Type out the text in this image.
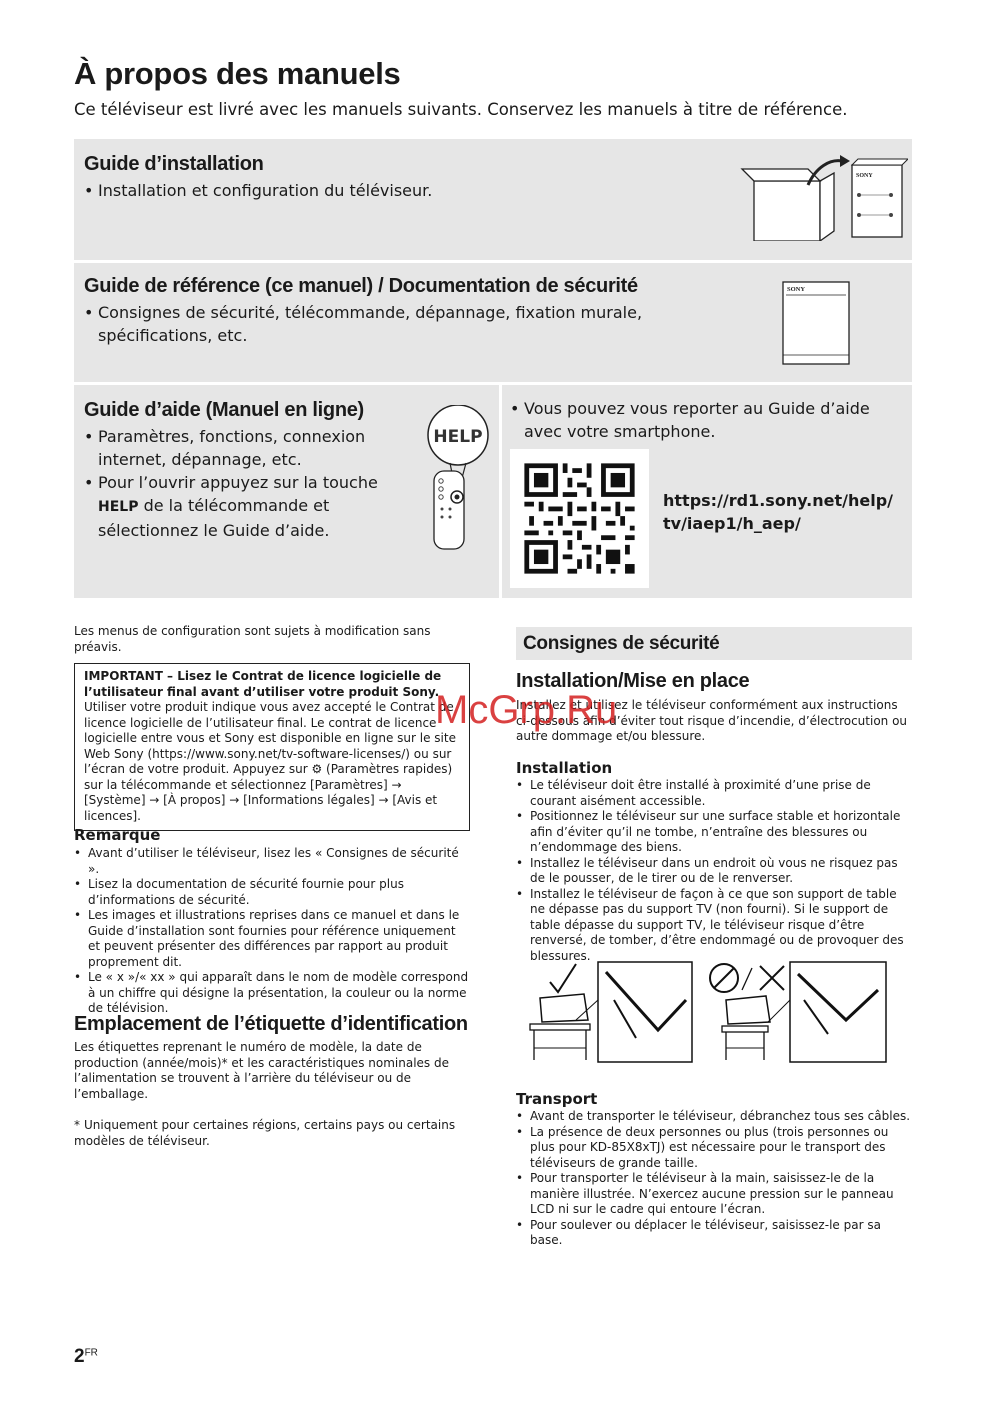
À propos des manuels
Ce téléviseur est livré avec les manuels suivants. Conservez les manuels à titre de référence.
Guide d’installation
• Installation et configuration du téléviseur.
SONY
Guide de référence (ce manuel) / Documentation de sécurité
• Consignes de sécurité, télécommande, dépannage, fixation murale, spécifications, etc.
SONY
Guide d’aide (Manuel en ligne)
• Paramètres, fonctions, connexion internet, dépannage, etc.
• Pour l’ouvrir appuyez sur la touche HELP de la télécommande et sélectionnez le Guide d’aide.
HELP
• Vous pouvez vous reporter au Guide d’aide avec votre smartphone.
https://rd1.sony.net/help/
tv/iaep1/h_aep/
Les menus de configuration sont sujets à modification sans préavis.
IMPORTANT – Lisez le Contrat de licence logicielle de l’utilisateur final avant d’utiliser votre produit Sony. Utiliser votre produit indique vous avez accepté le Contrat de licence logicielle de l’utilisateur final. Le contrat de licence logicielle entre vous et Sony est disponible en ligne sur le site Web Sony (https://www.sony.net/tv-software-licenses/) ou sur l’écran de votre produit. Appuyez sur ⚙ (Paramètres rapides) sur la télécommande et sélectionnez [Paramètres] → [Système] → [À propos] → [Informations légales] → [Avis et licences].
Remarque
• Avant d’utiliser le téléviseur, lisez les « Consignes de sécurité ».
• Lisez la documentation de sécurité fournie pour plus d’informations de sécurité.
• Les images et illustrations reprises dans ce manuel et dans le Guide d’installation sont fournies pour référence uniquement et peuvent présenter des différences par rapport au produit proprement dit.
• Le « x »/« xx » qui apparaît dans le nom de modèle correspond à un chiffre qui désigne la présentation, la couleur ou la norme de télévision.
Emplacement de l’étiquette d’identification
Les étiquettes reprenant le numéro de modèle, la date de production (année/mois)* et les caractéristiques nominales de l’alimentation se trouvent à l’arrière du téléviseur ou de l’emballage.
* Uniquement pour certaines régions, certains pays ou certains modèles de téléviseur.
Consignes de sécurité
Installation/Mise en place
Installez et utilisez le téléviseur conformément aux instructions ci-dessous afin d’éviter tout risque d’incendie, d’électrocution ou autre dommage et/ou blessure.
Installation
• Le téléviseur doit être installé à proximité d’une prise de courant aisément accessible.
• Positionnez le téléviseur sur une surface stable et horizontale afin d’éviter qu’il ne tombe, n’entraîne des blessures ou n’endommage des biens.
• Installez le téléviseur dans un endroit où vous ne risquez pas de le pousser, de le tirer ou de le renverser.
• Installez le téléviseur de façon à ce que son support de table ne dépasse pas du support TV (non fourni). Si le support de table dépasse du support TV, le téléviseur risque d’être renversé, de tomber, d’être endommagé ou de provoquer des blessures.
Transport
• Avant de transporter le téléviseur, débranchez tous ses câbles.
• La présence de deux personnes ou plus (trois personnes ou plus pour KD-85X8xTJ) est nécessaire pour le transport des téléviseurs de grande taille.
• Pour transporter le téléviseur à la main, saisissez-le de la manière illustrée. N’exercez aucune pression sur le panneau LCD ni sur le cadre qui entoure l’écran.
• Pour soulever ou déplacer le téléviseur, saisissez-le par sa base.
McGrp.Ru
$2^{FR}$
